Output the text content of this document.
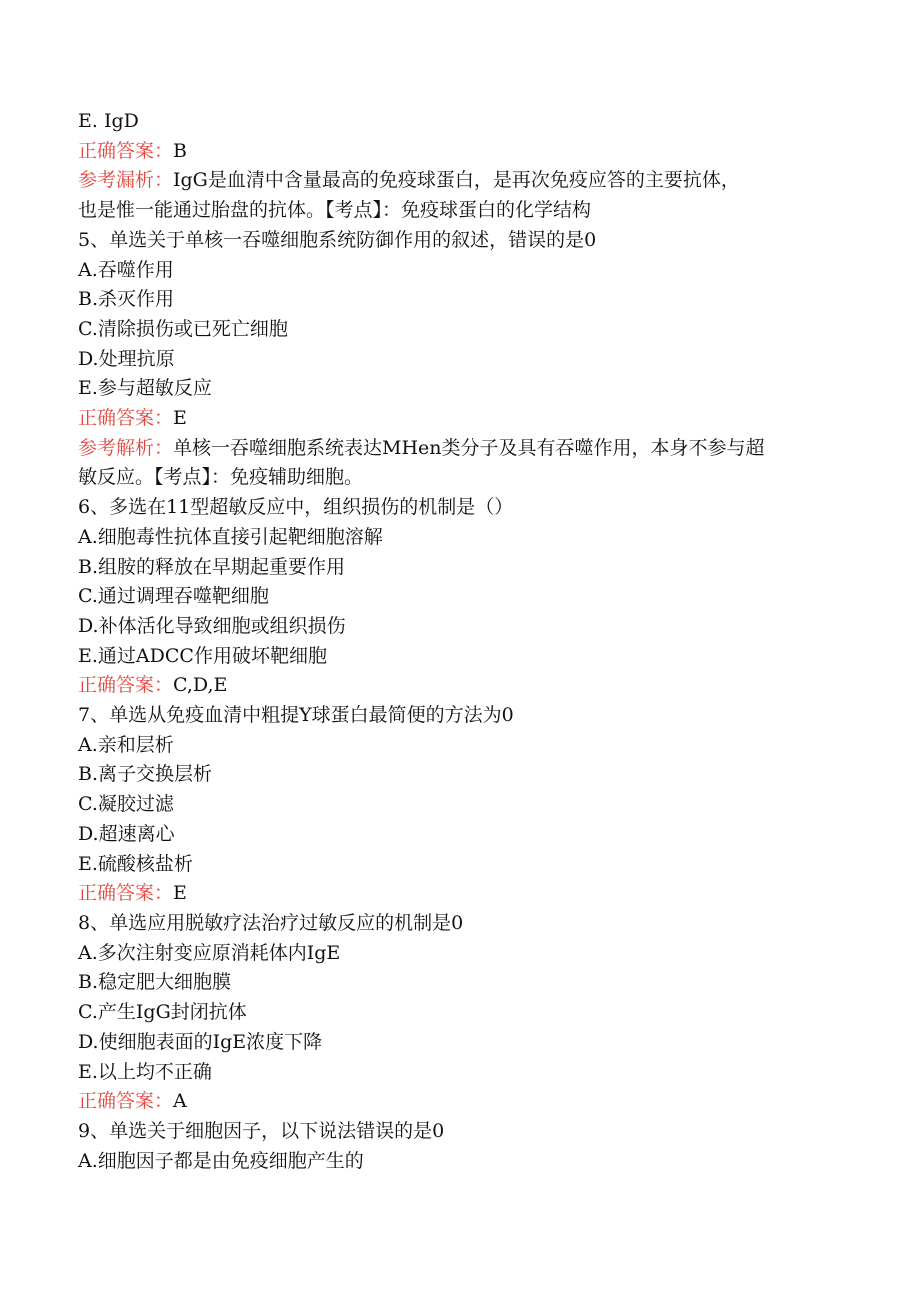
E. IgD
正确答案：B
参考漏析：IgG是血清中含量最高的免疫球蛋白，是再次免疫应答的主要抗体，
也是惟一能通过胎盘的抗体。【考点】：免疫球蛋白的化学结构
5、单选关于单核一吞噬细胞系统防御作用的叙述，错误的是0
A.吞噬作用
B.杀灭作用
C.清除损伤或已死亡细胞
D.处理抗原
E.参与超敏反应
正确答案：E
参考解析：单核一吞噬细胞系统表达MHen类分子及具有吞噬作用，本身不参与超
敏反应。【考点】：免疫辅助细胞。
6、多选在11型超敏反应中，组织损伤的机制是（）
A.细胞毒性抗体直接引起靶细胞溶解
B.组胺的释放在早期起重要作用
C.通过调理吞噬靶细胞
D.补体活化导致细胞或组织损伤
E.通过ADCC作用破坏靶细胞
正确答案：C,D,E
7、单选从免疫血清中粗提Y球蛋白最简便的方法为0
A.亲和层析
B.离子交换层析
C.凝胶过滤
D.超速离心
E.硫酸核盐析
正确答案：E
8、单选应用脱敏疗法治疗过敏反应的机制是0
A.多次注射变应原消耗体内IgE
B.稳定肥大细胞膜
C.产生IgG封闭抗体
D.使细胞表面的IgE浓度下降
E.以上均不正确
正确答案：A
9、单选关于细胞因子，以下说法错误的是0
A.细胞因子都是由免疫细胞产生的
